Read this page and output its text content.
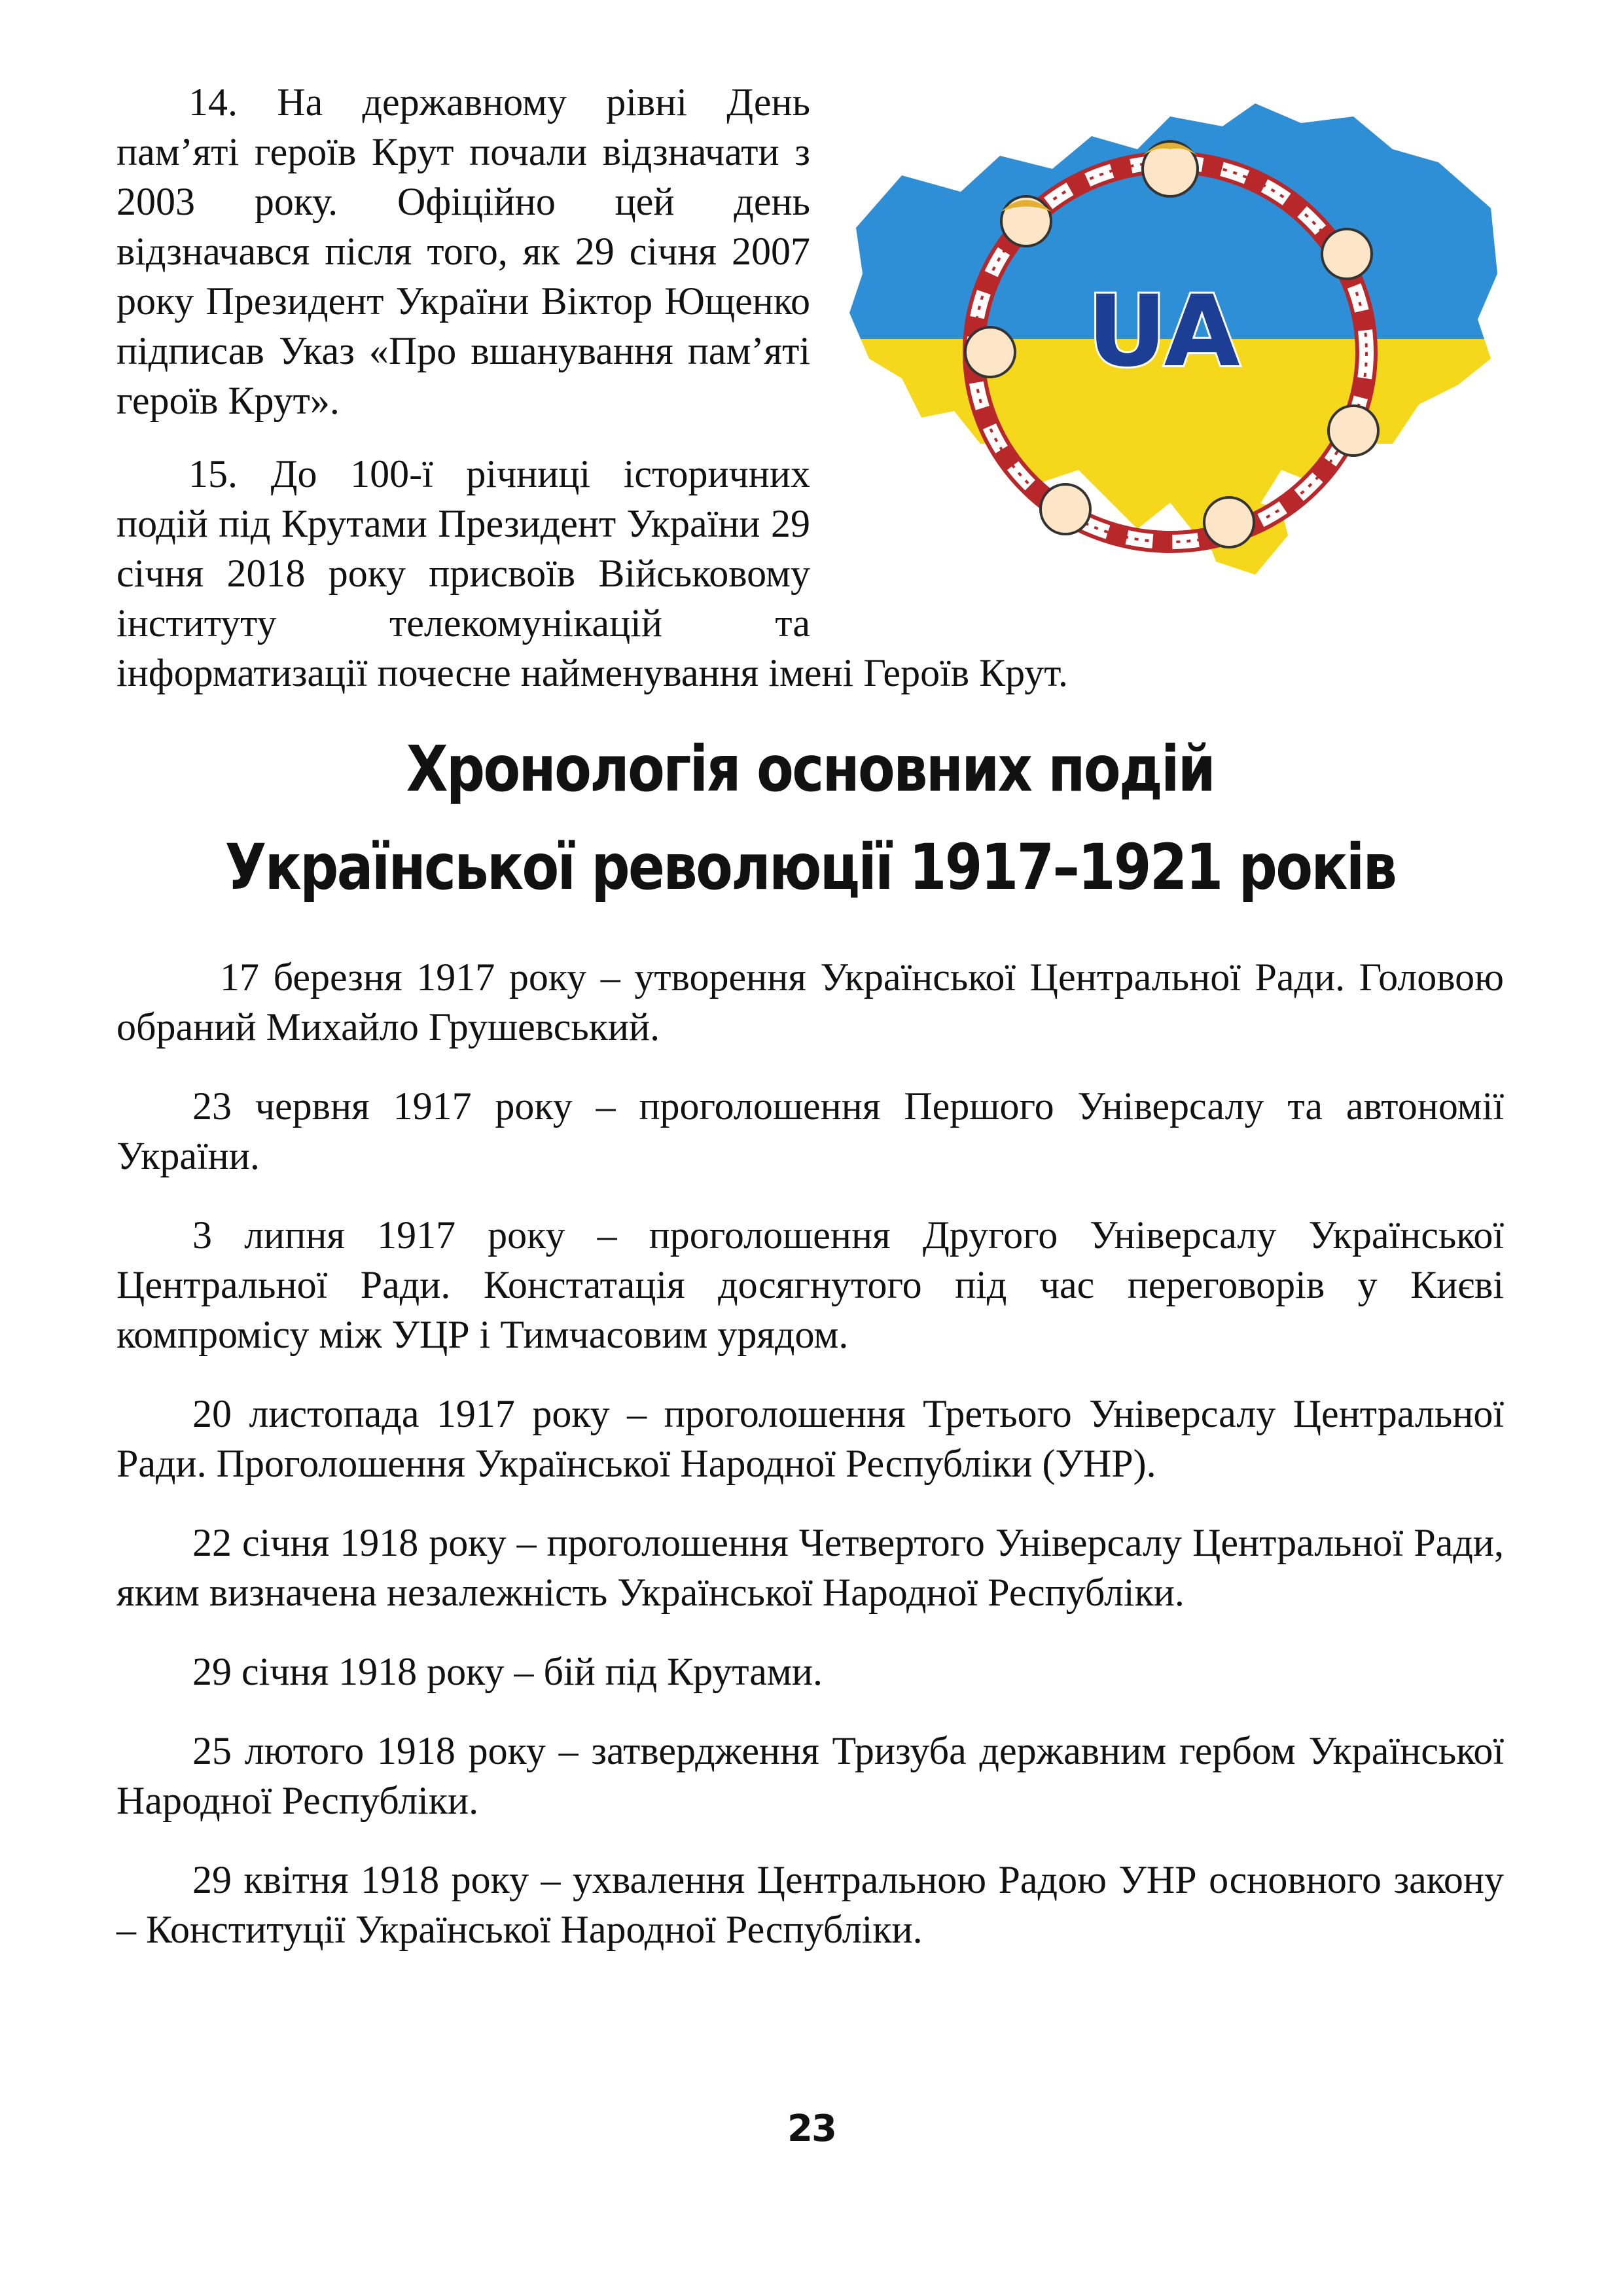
UA

14. На державному рівні День пам’яті героїв Крут почали відзначати з 2003 року. Офіційно цей день відзначався після того, як 29 січня 2007 року Президент України Віктор Ющенко підписав Указ «Про вшанування пам’яті героїв Крут».

15. До 100-ї річниці історичних подій під Крутами Президент України 29 січня 2018 року присвоїв Військовому інституту телекомунікацій та інформатизації почесне найменування імені Героїв Крут.

Хронологія основних подій
Української революції 1917–1921 років

17 березня 1917 року – утворення Української Центральної Ради. Головою обраний Михайло Грушевський.

23 червня 1917 року – проголошення Першого Універсалу та автономії України.

3 липня 1917 року – проголошення Другого Універсалу Української Центральної Ради. Констатація досягнутого під час переговорів у Києві компромісу між УЦР і Тимчасовим урядом.

20 листопада 1917 року – проголошення Третього Універсалу Центральної Ради. Проголошення Української Народної Республіки (УНР).

22 січня 1918 року – проголошення Четвертого Універсалу Центральної Ради, яким визначена незалежність Української Народної Республіки.

29 січня 1918 року – бій під Крутами.

25 лютого 1918 року – затвердження Тризуба державним гербом Української Народної Республіки.

29 квітня 1918 року – ухвалення Центральною Радою УНР основного закону – Конституції Української Народної Республіки.

23
